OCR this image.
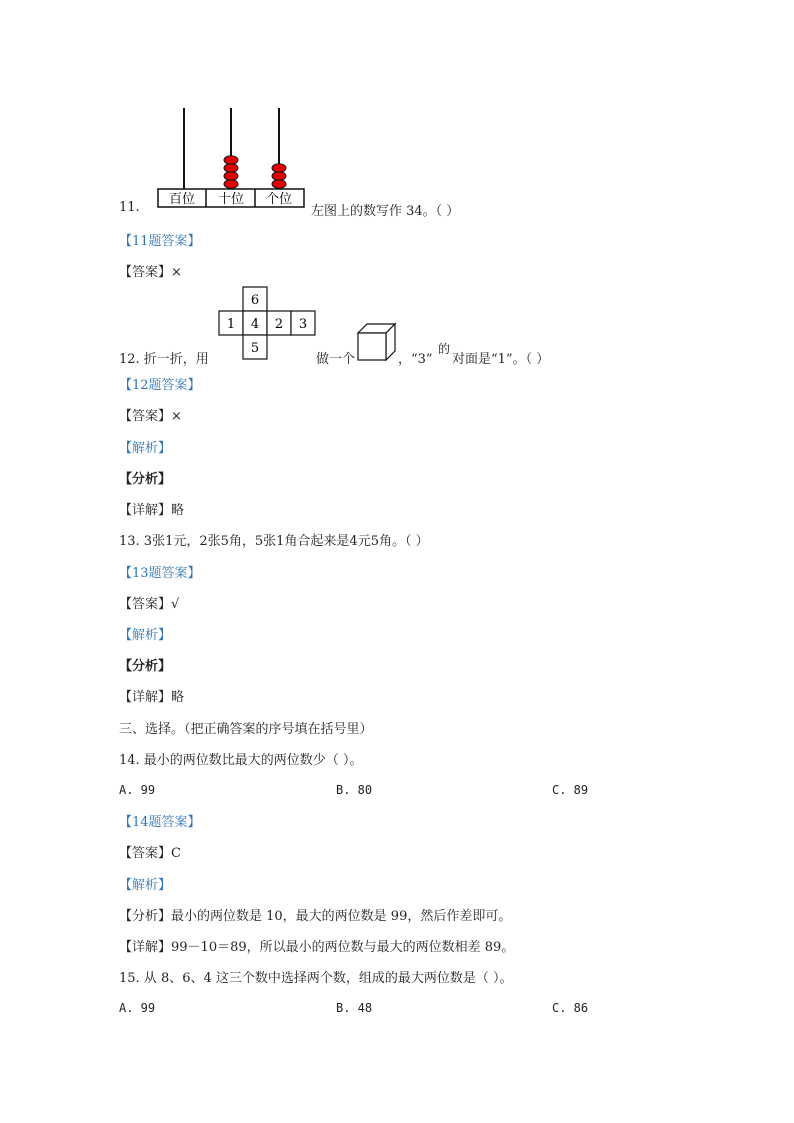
百位 十位 个位
11.	左图上的数写作 34。（ ）
【11题答案】
【答案】×
6
1 4 2 3
5
12. 折一折，用	做一个	，“3”
的
对面是“1”。（ ）
【12题答案】
【答案】×
【解析】
【分析】
【详解】略
13. 3张1元，2张5角，5张1角合起来是4元5角。（ ）
【13题答案】
【答案】√
【解析】
【分析】
【详解】略
三、选择。（把正确答案的序号填在括号里）
14. 最小的两位数比最大的两位数少（ ）。
A. 99	B. 80	C. 89
【14题答案】
【答案】C
【解析】
【分析】最小的两位数是 10，最大的两位数是 99，然后作差即可。
【详解】99－10＝89，所以最小的两位数与最大的两位数相差 89。
15. 从 8、6、4 这三个数中选择两个数，组成的最大两位数是（ ）。
A. 99	B. 48	C. 86
